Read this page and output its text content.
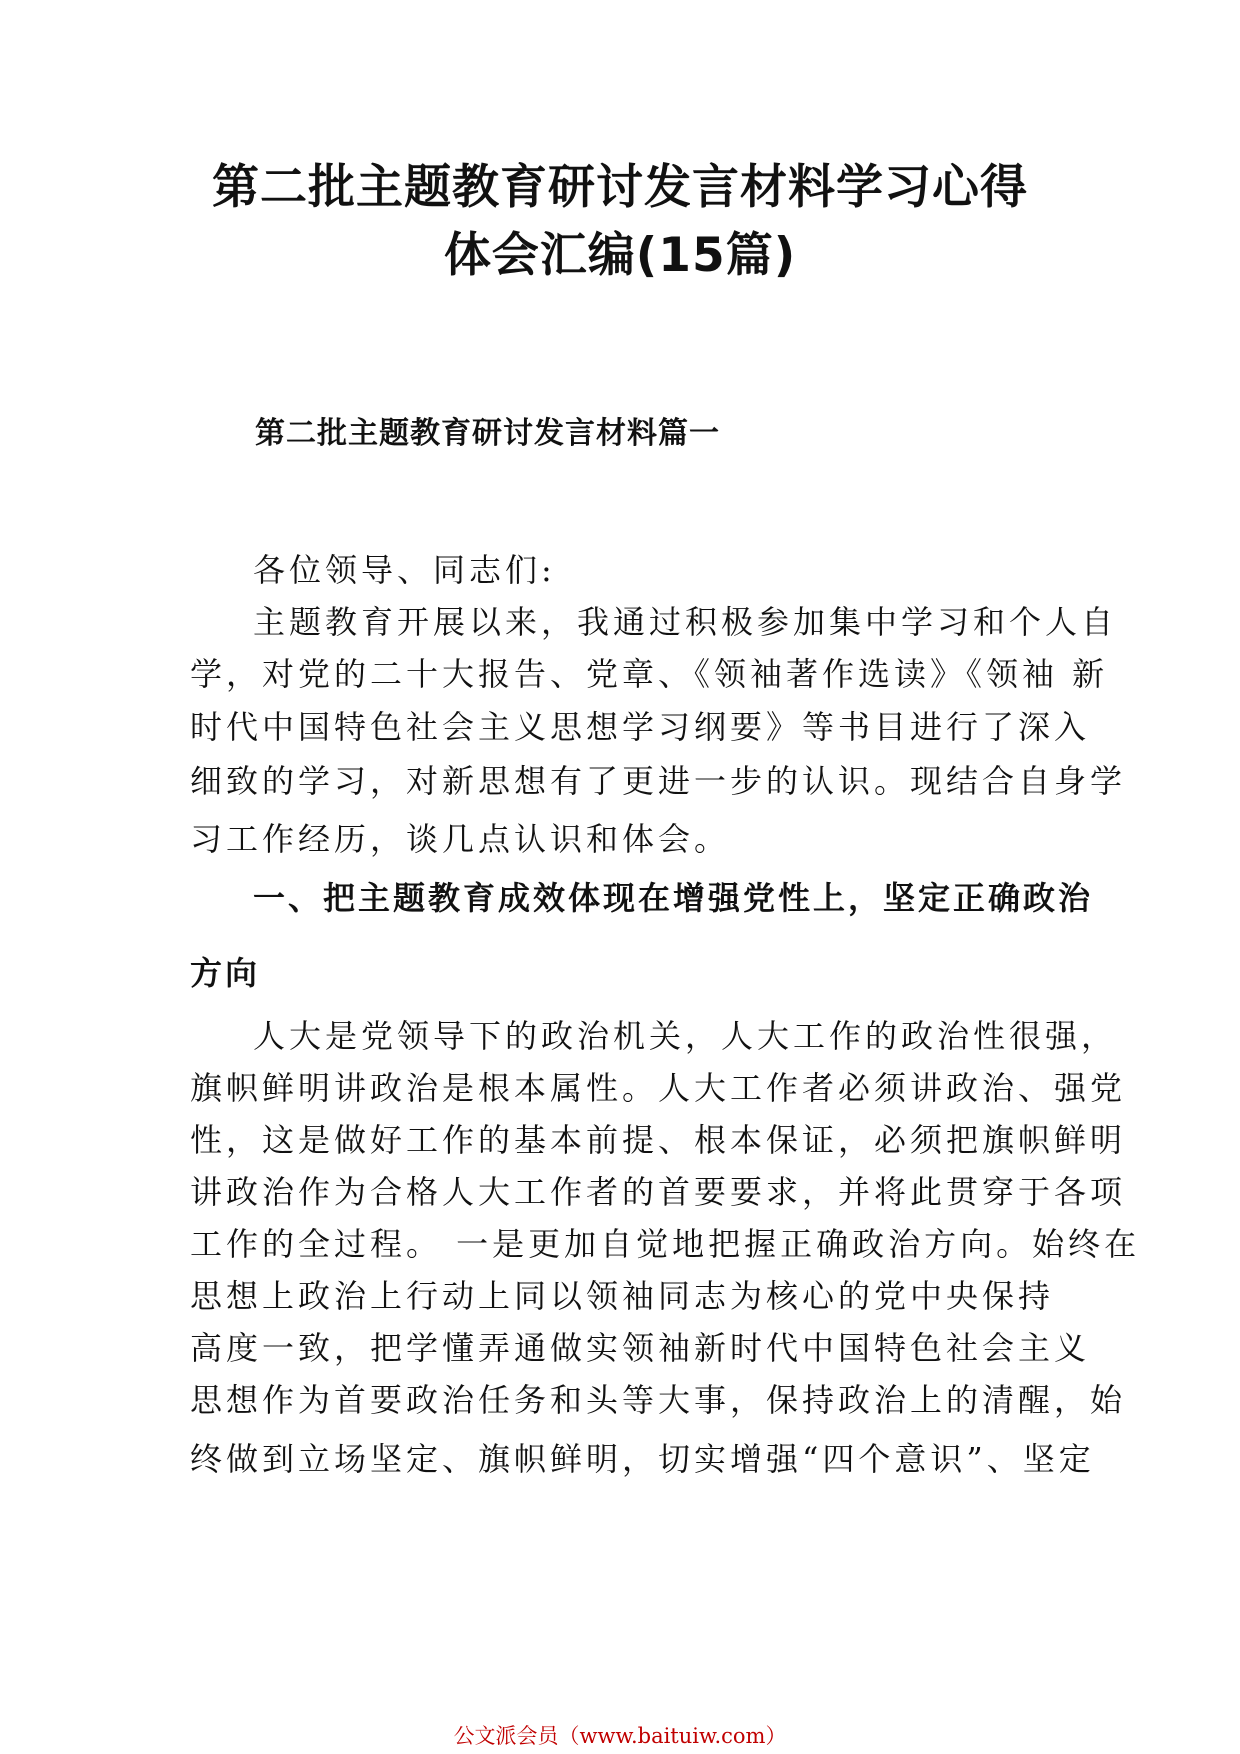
第二批主题教育研讨发言材料学习心得
体会汇编(15篇)
第二批主题教育研讨发言材料篇一
各位领导、同志们:
主题教育开展以来，我通过积极参加集中学习和个人自
学，对党的二十大报告、党章、《领袖著作选读》《领袖 新
时代中国特色社会主义思想学习纲要》等书目进行了深入
细致的学习，对新思想有了更进一步的认识。现结合自身学
习工作经历，谈几点认识和体会。
一、把主题教育成效体现在增强党性上，坚定正确政治
方向
人大是党领导下的政治机关，人大工作的政治性很强，
旗帜鲜明讲政治是根本属性。人大工作者必须讲政治、强党
性，这是做好工作的基本前提、根本保证，必须把旗帜鲜明
讲政治作为合格人大工作者的首要要求，并将此贯穿于各项
工作的全过程。 一是更加自觉地把握正确政治方向。始终在
思想上政治上行动上同以领袖同志为核心的党中央保持
高度一致，把学懂弄通做实领袖新时代中国特色社会主义
思想作为首要政治任务和头等大事，保持政治上的清醒，始
终做到立场坚定、旗帜鲜明，切实增强“四个意识”、坚定
公文派会员（www.baituiw.com）
